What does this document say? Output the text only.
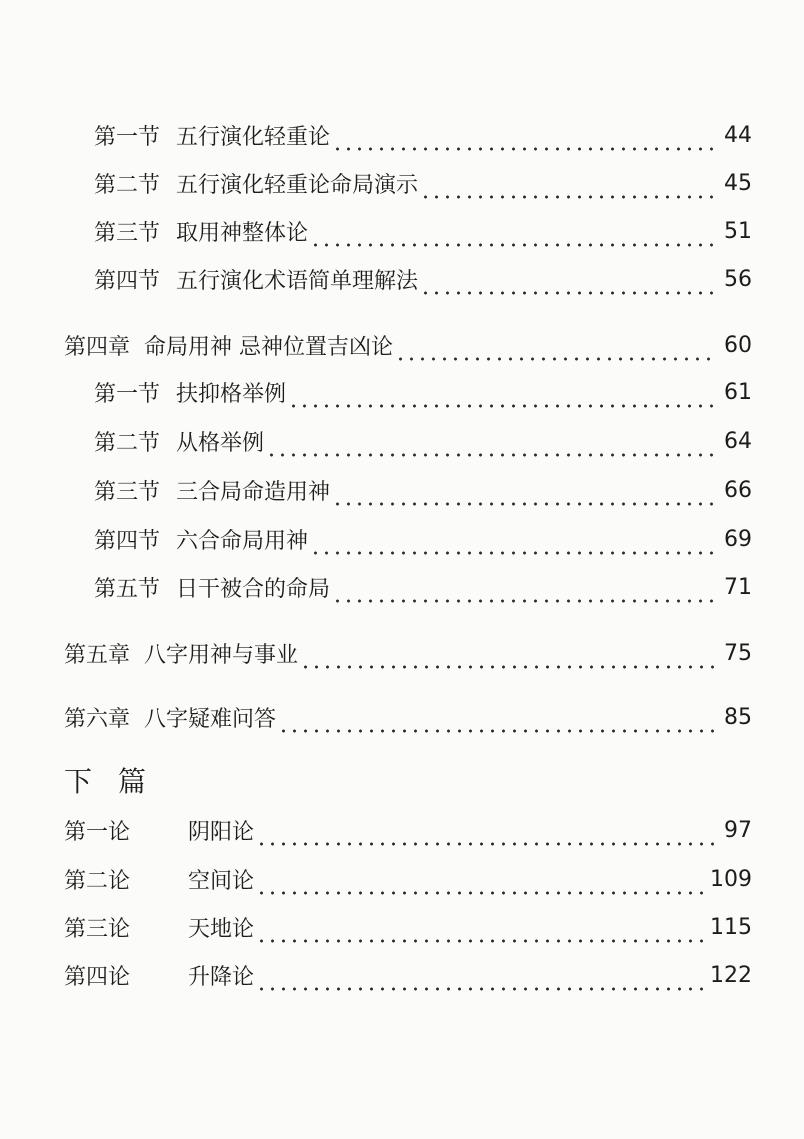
第一节 五行演化轻重论	44
第二节 五行演化轻重论命局演示	45
第三节 取用神整体论	51
第四节 五行演化术语简单理解法	56
第四章 命局用神 忌神位置吉凶论	60
第一节 扶抑格举例	61
第二节 从格举例	64
第三节 三合局命造用神	66
第四节 六合命局用神	69
第五节 日干被合的命局	71
第五章 八字用神与事业	75
第六章 八字疑难问答	85
下 篇
第一论	阴阳论	97
第二论	空间论	109
第三论	天地论	115
第四论	升降论	122
